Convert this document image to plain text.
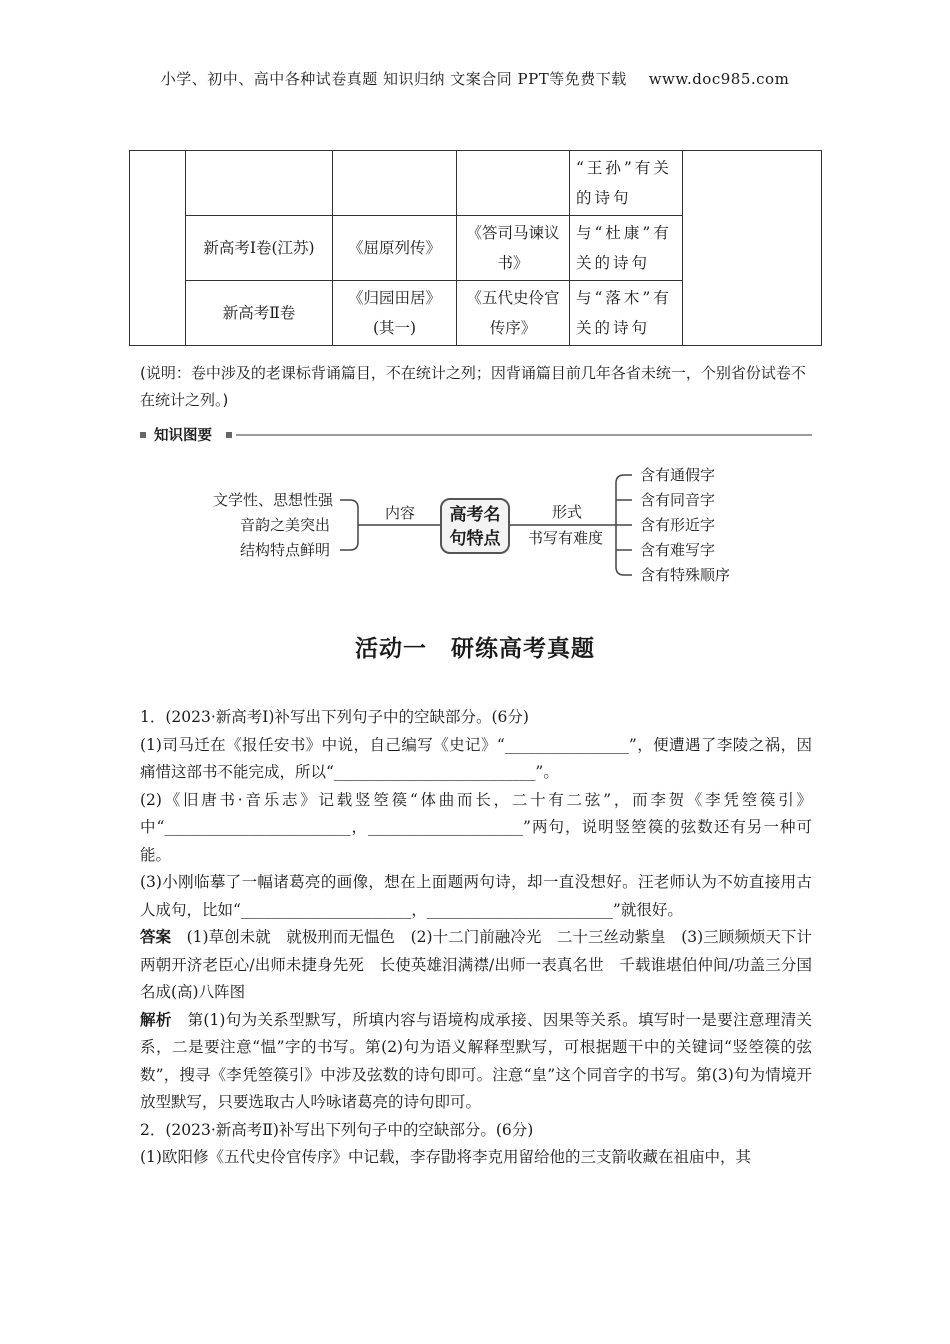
小学、初中、高中各种试卷真题 知识归纳 文案合同 PPT等免费下载 www.doc985.com
				“王孙”有关的诗句	
	新高考Ⅰ卷(江苏)	《屈原列传》	《答司马谏议书》	与“杜康”有关的诗句	
	新高考Ⅱ卷	《归园田居》(其一)	《五代史伶官传序》	与“落木”有关的诗句	
(说明：卷中涉及的老课标背诵篇目，不在统计之列；因背诵篇目前几年各省未统一，个别省份试卷不在统计之列。)
知识图要
文学性、思想性强
音韵之美突出
结构特点鲜明
内容	高考名
句特点
形式
书写有难度
含有通假字
含有同音字
含有形近字
含有难写字
含有特殊顺序
活动一　研练高考真题

1．(2023·新高考Ⅰ)补写出下列句子中的空缺部分。(6分)

(1)司马迁在《报任安书》中说，自己编写《史记》“________________”，便遭遇了李陵之祸，因痛惜这部书不能完成，所以“__________________________”。

(2)《旧唐书·音乐志》记载竖箜篌“体曲而长，二十有二弦”，而李贺《李凭箜篌引》中“________________________，____________________”两句，说明竖箜篌的弦数还有另一种可能。

(3)小刚临摹了一幅诸葛亮的画像，想在上面题两句诗，却一直没想好。汪老师认为不妨直接用古人成句，比如“______________________，________________________”就很好。

答案　 (1)草创未就　就极刑而无愠色　(2)十二门前融冷光　二十三丝动紫皇　(3)三顾频烦天下计　两朝开济老臣心/出师未捷身先死　长使英雄泪满襟/出师一表真名世　千载谁堪伯仲间/功盖三分国　名成(高)八阵图

解析　 第(1)句为关系型默写，所填内容与语境构成承接、因果等关系。填写时一是要注意理清关系，二是要注意“愠”字的书写。第(2)句为语义解释型默写，可根据题干中的关键词“竖箜篌的弦数”，搜寻《李凭箜篌引》中涉及弦数的诗句即可。注意“皇”这个同音字的书写。第(3)句为情境开放型默写，只要选取古人吟咏诸葛亮的诗句即可。

2．(2023·新高考Ⅱ)补写出下列句子中的空缺部分。(6分)

(1)欧阳修《五代史伶官传序》中记载，李存勖将李克用留给他的三支箭收藏在祖庙中，其
